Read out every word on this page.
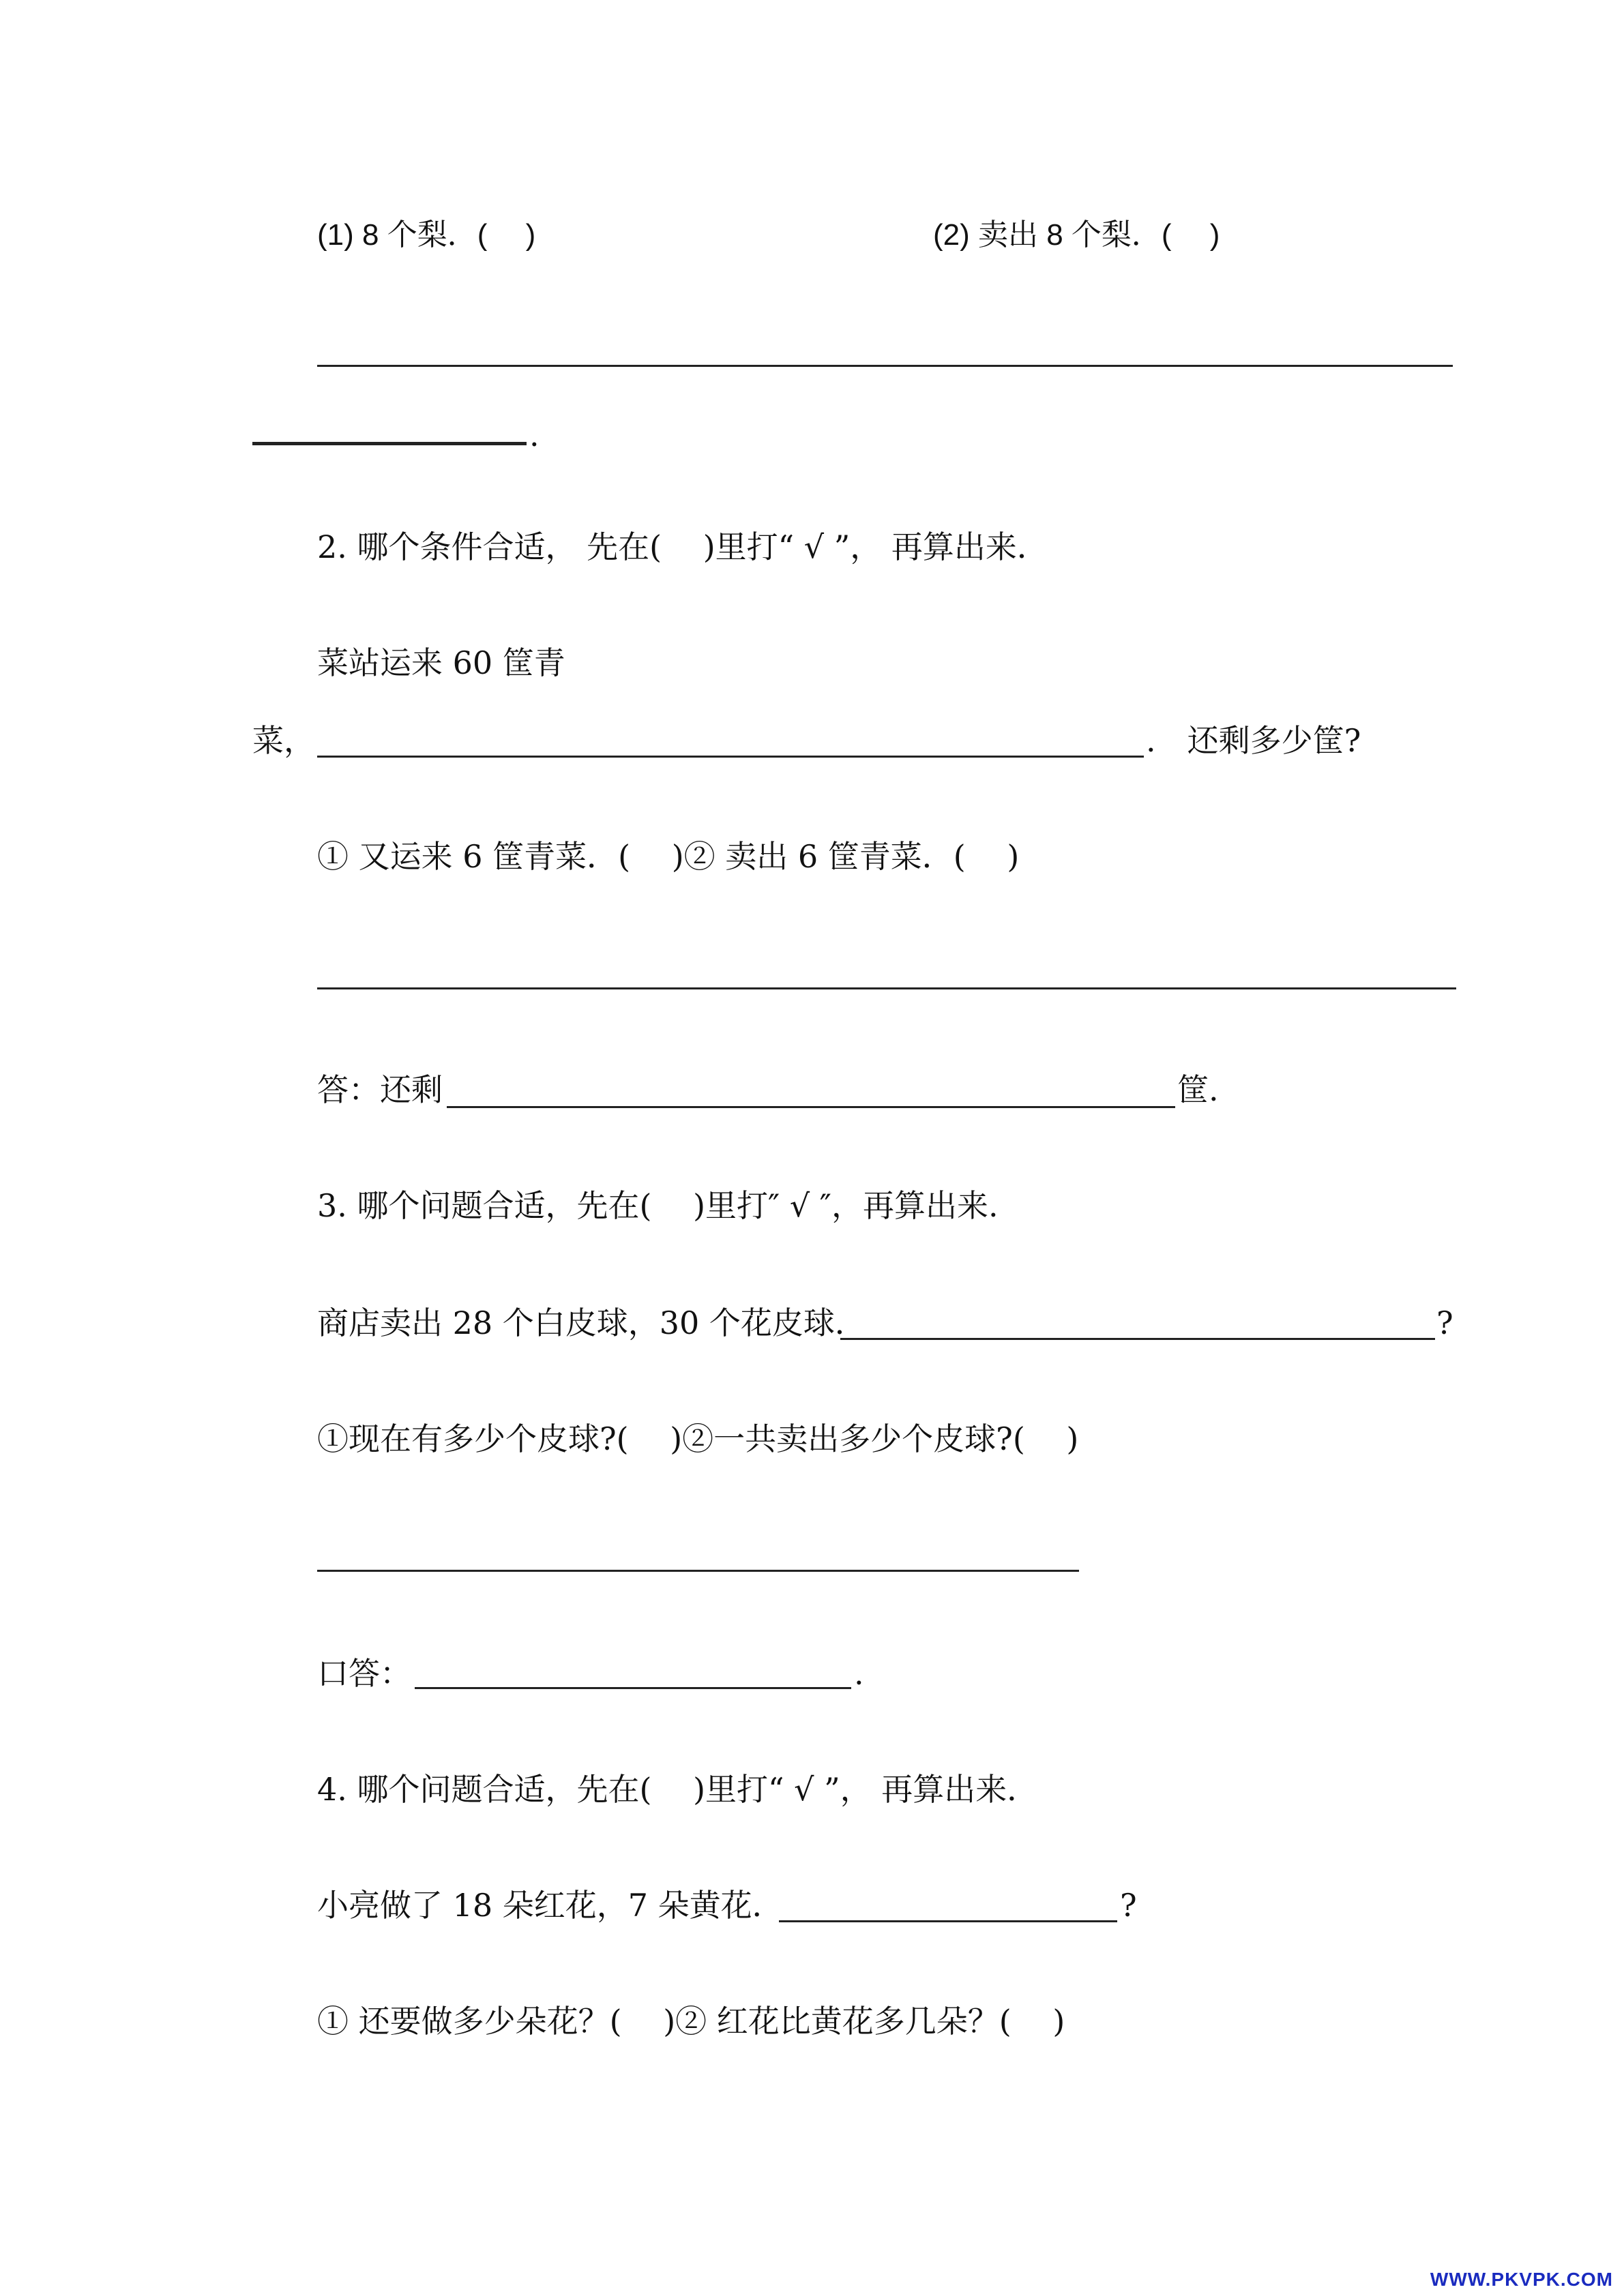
(1) 8 个梨．(　 )	(2) 卖出 8 个梨．(　 )
.
2. 哪个条件合适， 先在(　 )里打“ √ ”， 再算出来．
菜站运来 60 筐青
菜，	.　还剩多少筐?
① 又运来 6 筐青菜．(　 )② 卖出 6 筐青菜．(　 )
答：还剩	筐.
3. 哪个问题合适，先在(　 )里打″ √ ″，再算出来.
商店卖出 28 个白皮球，30 个花皮球．	?
①现在有多少个皮球?(　 )②一共卖出多少个皮球?(　 )
口答：	.
4. 哪个问题合适，先在(　 )里打“ √ ”， 再算出来．
小亮做了 18 朵红花，7 朵黄花．	?
① 还要做多少朵花？(　 )② 红花比黄花多几朵？(　 )
WWW.PKVPK.COM
